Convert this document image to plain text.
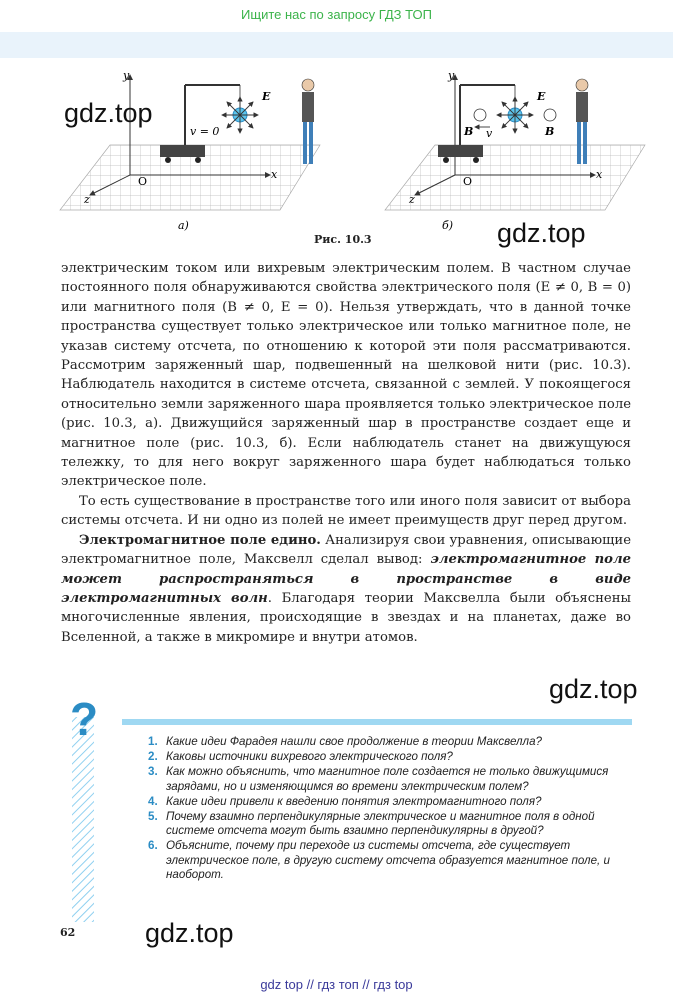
Ищите нас по запросу ГДЗ ТОП
y
x
z
O
E
v = 0
а)
y
x
z
O
E
B	B
v
б)
Рис. 10.3
gdz.top
gdz.top

электрическим током или вихревым электрическим полем. В частном случае постоянного поля обнаруживаются свойства электрического поля (E ≠ 0, B = 0) или магнитного поля (B ≠ 0, E = 0). Нельзя утверждать, что в данной точке пространства существует только электрическое или только магнитное поле, не указав систему отсчета, по отношению к которой эти поля рассматриваются. Рассмотрим заряженный шар, подвешенный на шелковой нити (рис. 10.3). Наблюдатель находится в системе отсчета, связанной с землей. У покоящегося относительно земли заряженного шара проявляется только электрическое поле (рис. 10.3, а). Движущийся заряженный шар в пространстве создает еще и магнитное поле (рис. 10.3, б). Если наблюдатель станет на движущуюся тележку, то для него вокруг заряженного шара будет наблюдаться только электрическое поле.

То есть существование в пространстве того или иного поля зависит от выбора системы отсчета. И ни одно из полей не имеет преимуществ друг перед другом.

Электромагнитное поле едино. Анализируя свои уравнения, описывающие электромагнитное поле, Максвелл сделал вывод: электромагнитное поле может распространяться в пространстве в виде электромагнитных волн. Благодаря теории Максвелла были объяснены многочисленные явления, происходящие в звездах и на планетах, даже во Вселенной, а также в микромире и внутри атомов.

gdz.top
?	1. Какие идеи Фарадея нашли свое продолжение в теории Максвелла?
2. Каковы источники вихревого электрического поля?
3. Как можно объяснить, что магнитное поле создается не только движущимися зарядами, но и изменяющимся во времени электрическим полем?
4. Какие идеи привели к введению понятия электромагнитного поля?
5. Почему взаимно перпендикулярные электрическое и магнитное поля в одной системе отсчета могут быть взаимно перпендикулярны в другой?
6. Объясните, почему при переходе из системы отсчета, где существует электрическое поле, в другую систему отсчета образуется магнитное поле, и наоборот.
62	gdz.top
gdz top // гдз топ // гдз top
